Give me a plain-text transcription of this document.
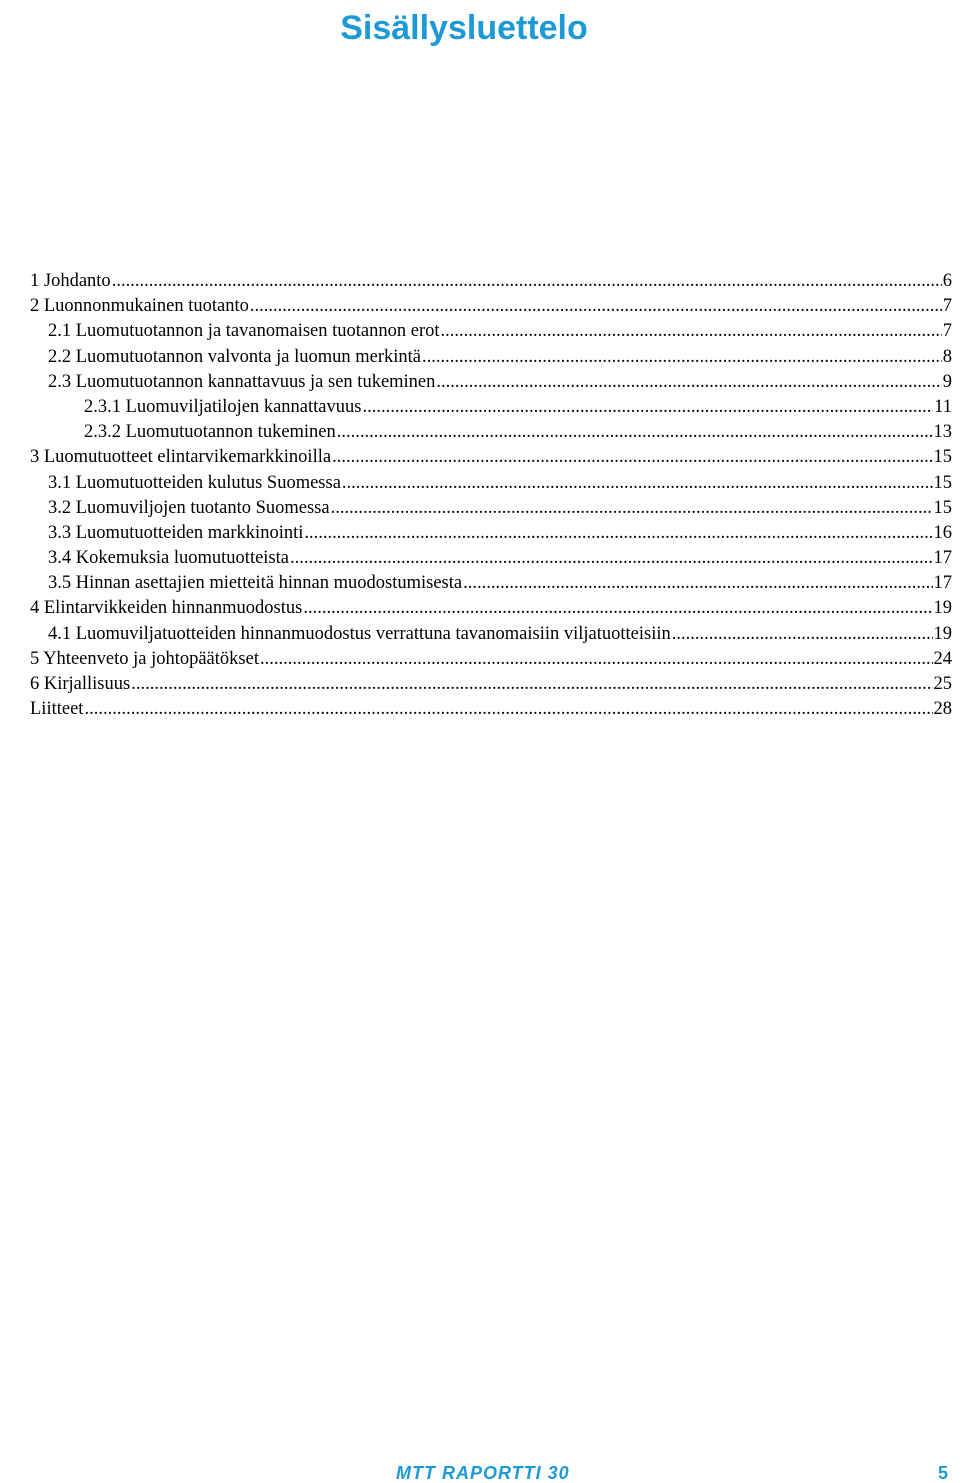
Sisällysluettelo
1 Johdanto .....	6
2 Luonnonmukainen tuotanto .....	7
2.1 Luomutuotannon ja tavanomaisen tuotannon erot .....	7
2.2 Luomutuotannon valvonta ja luomun merkintä .....	8
2.3 Luomutuotannon kannattavuus ja sen tukeminen .....	9
2.3.1 Luomuviljatilojen kannattavuus .....	11
2.3.2 Luomutuotannon tukeminen .....	13
3 Luomutuotteet elintarvikemarkkinoilla .....	15
3.1 Luomutuotteiden kulutus Suomessa .....	15
3.2 Luomuviljojen tuotanto Suomessa .....	15
3.3 Luomutuotteiden markkinointi .....	16
3.4 Kokemuksia luomutuotteista .....	17
3.5 Hinnan asettajien mietteitä hinnan muodostumisesta .....	17
4 Elintarvikkeiden hinnanmuodostus .....	19
4.1 Luomuviljatuotteiden hinnanmuodostus verrattuna tavanomaisiin viljatuotteisiin .....	19
5 Yhteenveto ja johtopäätökset .....	24
6 Kirjallisuus .....	25
Liitteet .....	28
MTT RAPORTTI 30	5
